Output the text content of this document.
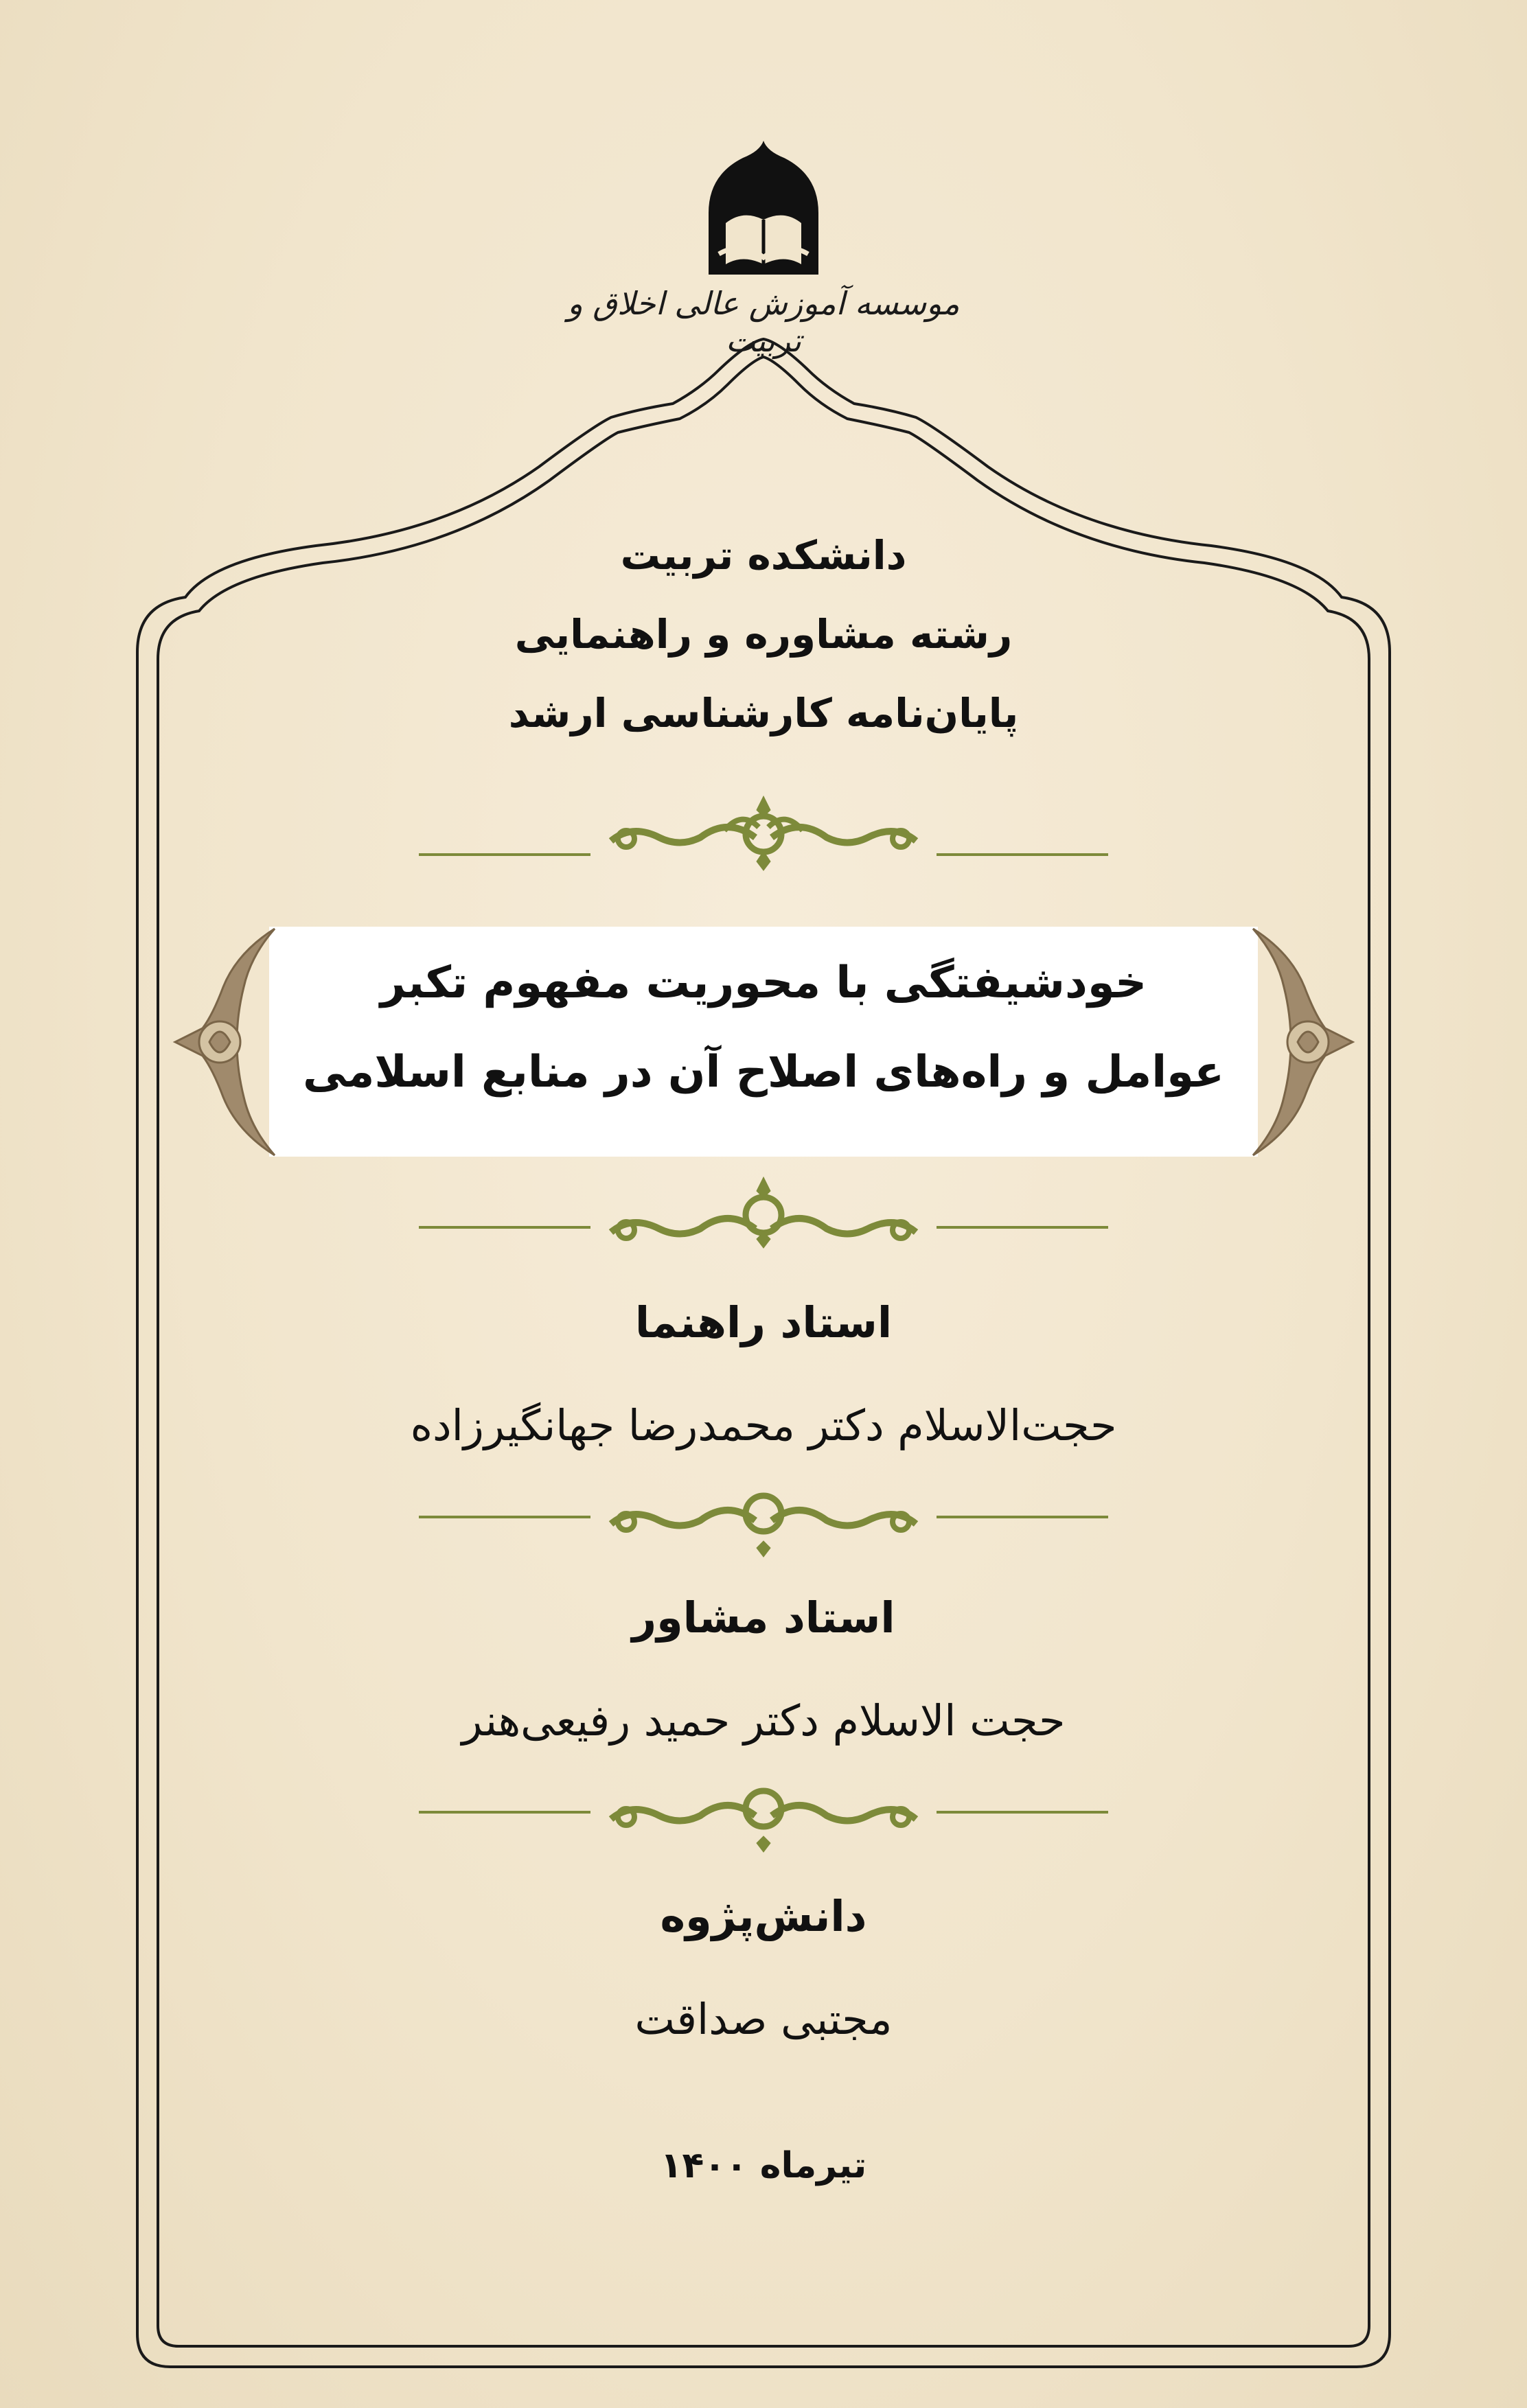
موسسه آموزش عالی اخلاق و تربیت
دانشکده تربیت
رشته مشاوره و راهنمایی
پایان‌نامه کارشناسی ارشد
خودشیفتگی با محوریت مفهوم تکبر
عوامل و راه‌های اصلاح آن در منابع اسلامی
استاد راهنما
حجت‌الاسلام دکتر محمدرضا جهانگیرزاده
استاد مشاور
حجت الاسلام دکتر حمید رفیعی‌هنر
دانش‌پژوه
مجتبی صداقت
تیرماه ۱۴۰۰
